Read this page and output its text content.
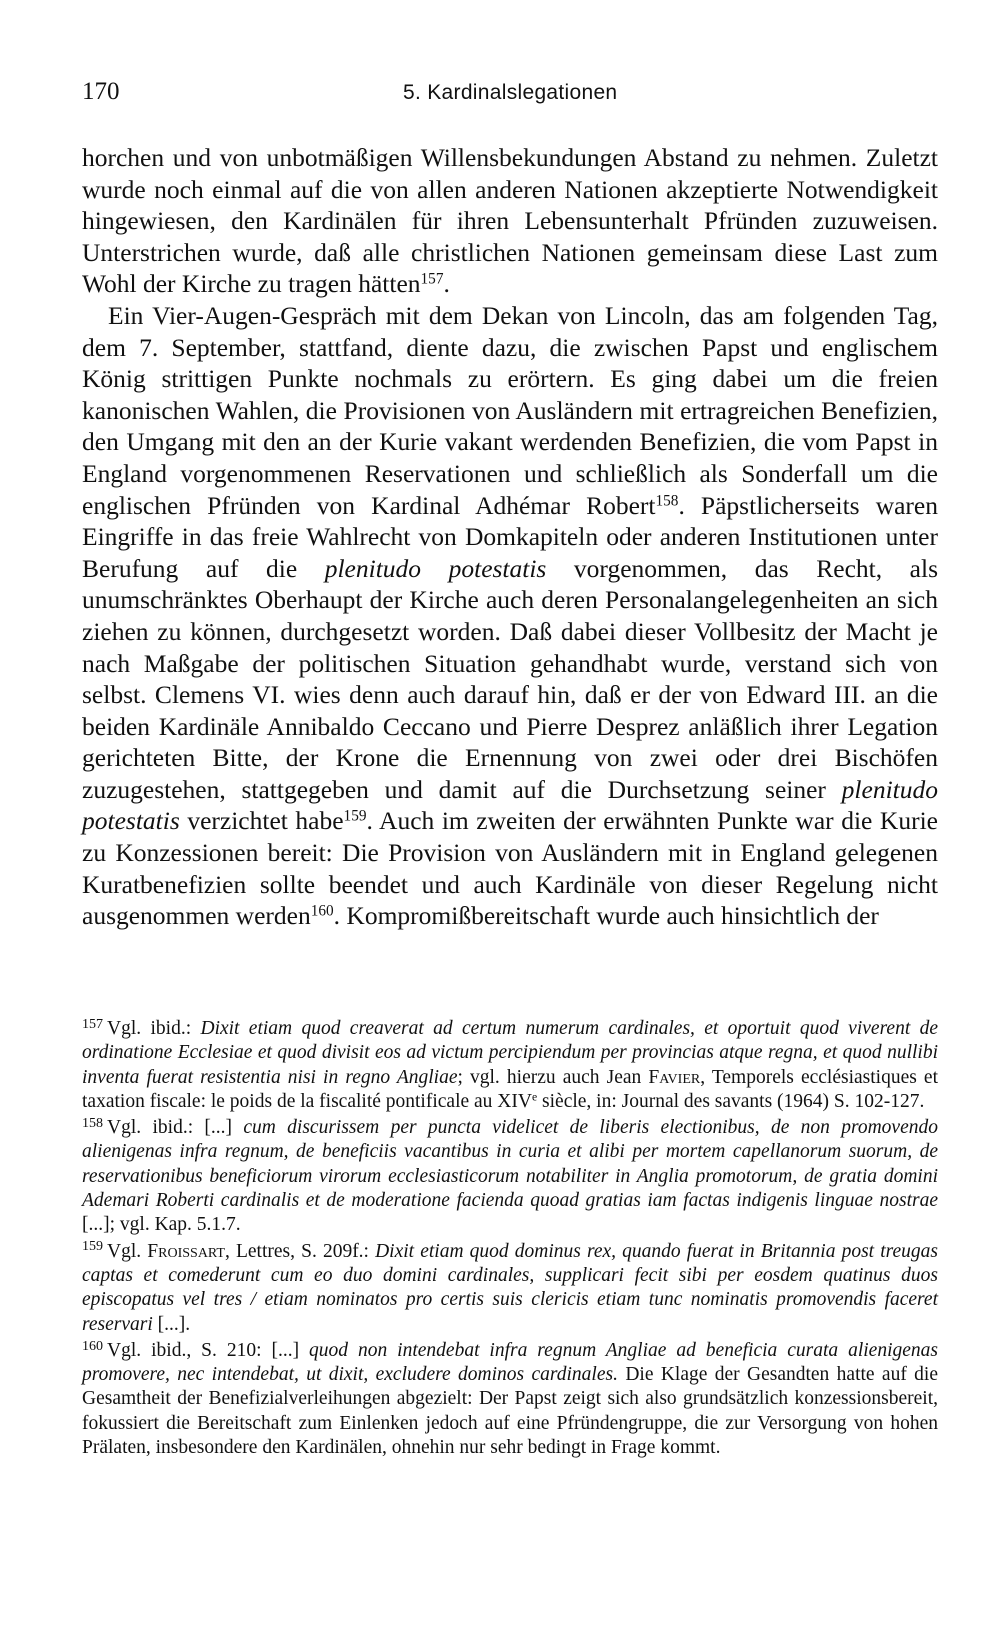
170	5. Kardinalslegationen

horchen und von unbotmäßigen Willensbekundungen Abstand zu nehmen. Zuletzt wurde noch einmal auf die von allen anderen Nationen akzeptierte Notwendigkeit hingewiesen, den Kardinälen für ihren Lebensunterhalt Pfründen zuzuweisen. Unterstrichen wurde, daß alle christlichen Nationen gemeinsam diese Last zum Wohl der Kirche zu tragen hätten$^{157}$.

Ein Vier-Augen-Gespräch mit dem Dekan von Lincoln, das am folgenden Tag, dem 7. September, stattfand, diente dazu, die zwischen Papst und englischem König strittigen Punkte nochmals zu erörtern. Es ging dabei um die freien kanonischen Wahlen, die Provisionen von Ausländern mit ertragreichen Benefizien, den Umgang mit den an der Kurie vakant werdenden Benefizien, die vom Papst in England vorgenommenen Reservationen und schließlich als Sonderfall um die englischen Pfründen von Kardinal Adhémar Robert$^{158}$. Päpstlicherseits waren Eingriffe in das freie Wahlrecht von Domkapiteln oder anderen Institutionen unter Berufung auf die plenitudo potestatis vorgenommen, das Recht, als unumschränktes Oberhaupt der Kirche auch deren Personalangelegenheiten an sich ziehen zu können, durchgesetzt worden. Daß dabei dieser Vollbesitz der Macht je nach Maßgabe der politischen Situation gehandhabt wurde, verstand sich von selbst. Clemens VI. wies denn auch darauf hin, daß er der von Edward III. an die beiden Kardinäle Annibaldo Ceccano und Pierre Desprez anläßlich ihrer Legation gerichteten Bitte, der Krone die Ernennung von zwei oder drei Bischöfen zuzugestehen, stattgegeben und damit auf die Durchsetzung seiner plenitudo potestatis verzichtet habe$^{159}$. Auch im zweiten der erwähnten Punkte war die Kurie zu Konzessionen bereit: Die Provision von Ausländern mit in England gelegenen Kuratbenefizien sollte beendet und auch Kardinäle von dieser Regelung nicht ausgenommen werden$^{160}$. Kompromißbereitschaft wurde auch hinsichtlich der

$^{157}$ Vgl. ibid.: Dixit etiam quod creaverat ad certum numerum cardinales, et oportuit quod viverent de ordinatione Ecclesiae et quod divisit eos ad victum percipiendum per provincias atque regna, et quod nullibi inventa fuerat resistentia nisi in regno Angliae; vgl. hierzu auch Jean Favier, Temporels ecclésiastiques et taxation fiscale: le poids de la fiscalité pontificale au XIVe siècle, in: Journal des savants (1964) S. 102-127.

$^{158}$ Vgl. ibid.: [...] cum discurissem per puncta videlicet de liberis electionibus, de non promovendo alienigenas infra regnum, de beneficiis vacantibus in curia et alibi per mortem capellanorum suorum, de reservationibus beneficiorum virorum ecclesiasticorum notabiliter in Anglia promotorum, de gratia domini Ademari Roberti cardinalis et de moderatione facienda quoad gratias iam factas indigenis linguae nostrae [...]; vgl. Kap. 5.1.7.

$^{159}$ Vgl. Froissart, Lettres, S. 209f.: Dixit etiam quod dominus rex, quando fuerat in Britannia post treugas captas et comederunt cum eo duo domini cardinales, supplicari fecit sibi per eosdem quatinus duos episcopatus vel tres / etiam nominatos pro certis suis clericis etiam tunc nominatis promovendis faceret reservari [...].

$^{160}$ Vgl. ibid., S. 210: [...] quod non intendebat infra regnum Angliae ad beneficia curata alienigenas promovere, nec intendebat, ut dixit, excludere dominos cardinales. Die Klage der Gesandten hatte auf die Gesamtheit der Benefizialverleihungen abgezielt: Der Papst zeigt sich also grundsätzlich konzessionsbereit, fokussiert die Bereitschaft zum Einlenken jedoch auf eine Pfründengruppe, die zur Versorgung von hohen Prälaten, insbesondere den Kardinälen, ohnehin nur sehr bedingt in Frage kommt.
